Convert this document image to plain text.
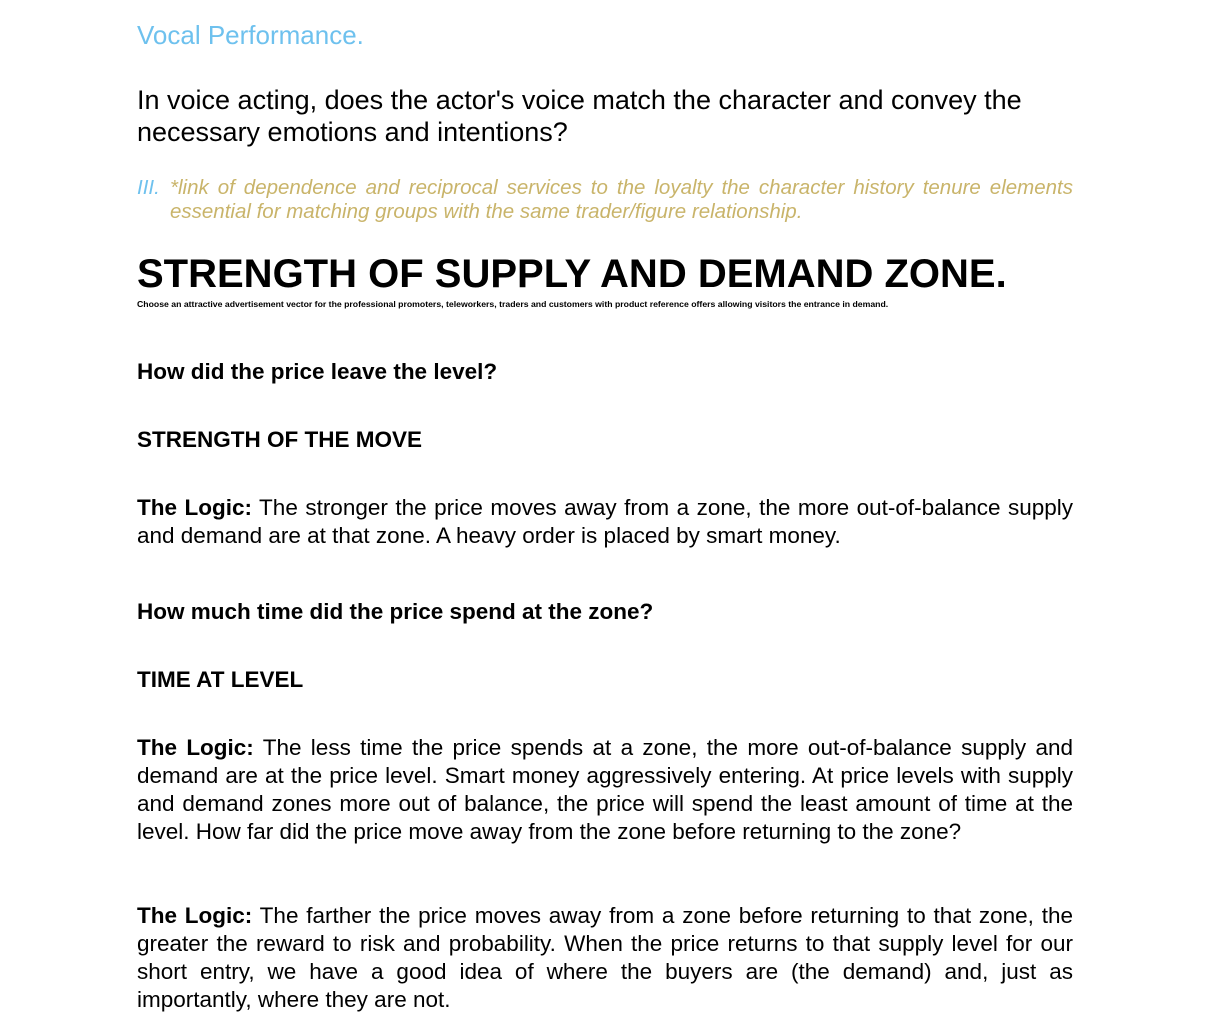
Vocal Performance.
In voice acting, does the actor's voice match the character and convey the necessary emotions and intentions?
III. *link of dependence and reciprocal services to the loyalty the character history tenure elements essential for matching groups with the same trader/figure relationship.
STRENGTH OF SUPPLY AND DEMAND ZONE.
Choose an attractive advertisement vector for the professional promoters, teleworkers, traders and customers with product reference offers allowing visitors the entrance in demand.
How did the price leave the level?
STRENGTH OF THE MOVE
The Logic: The stronger the price moves away from a zone, the more out-of-balance supply and demand are at that zone. A heavy order is placed by smart money.
How much time did the price spend at the zone?
TIME AT LEVEL
The Logic: The less time the price spends at a zone, the more out-of-balance supply and demand are at the price level. Smart money aggressively entering. At price levels with supply and demand zones more out of balance, the price will spend the least amount of time at the level. How far did the price move away from the zone before returning to the zone?
The Logic: The farther the price moves away from a zone before returning to that zone, the greater the reward to risk and probability. When the price returns to that supply level for our short entry, we have a good idea of where the buyers are (the demand) and, just as importantly, where they are not.
